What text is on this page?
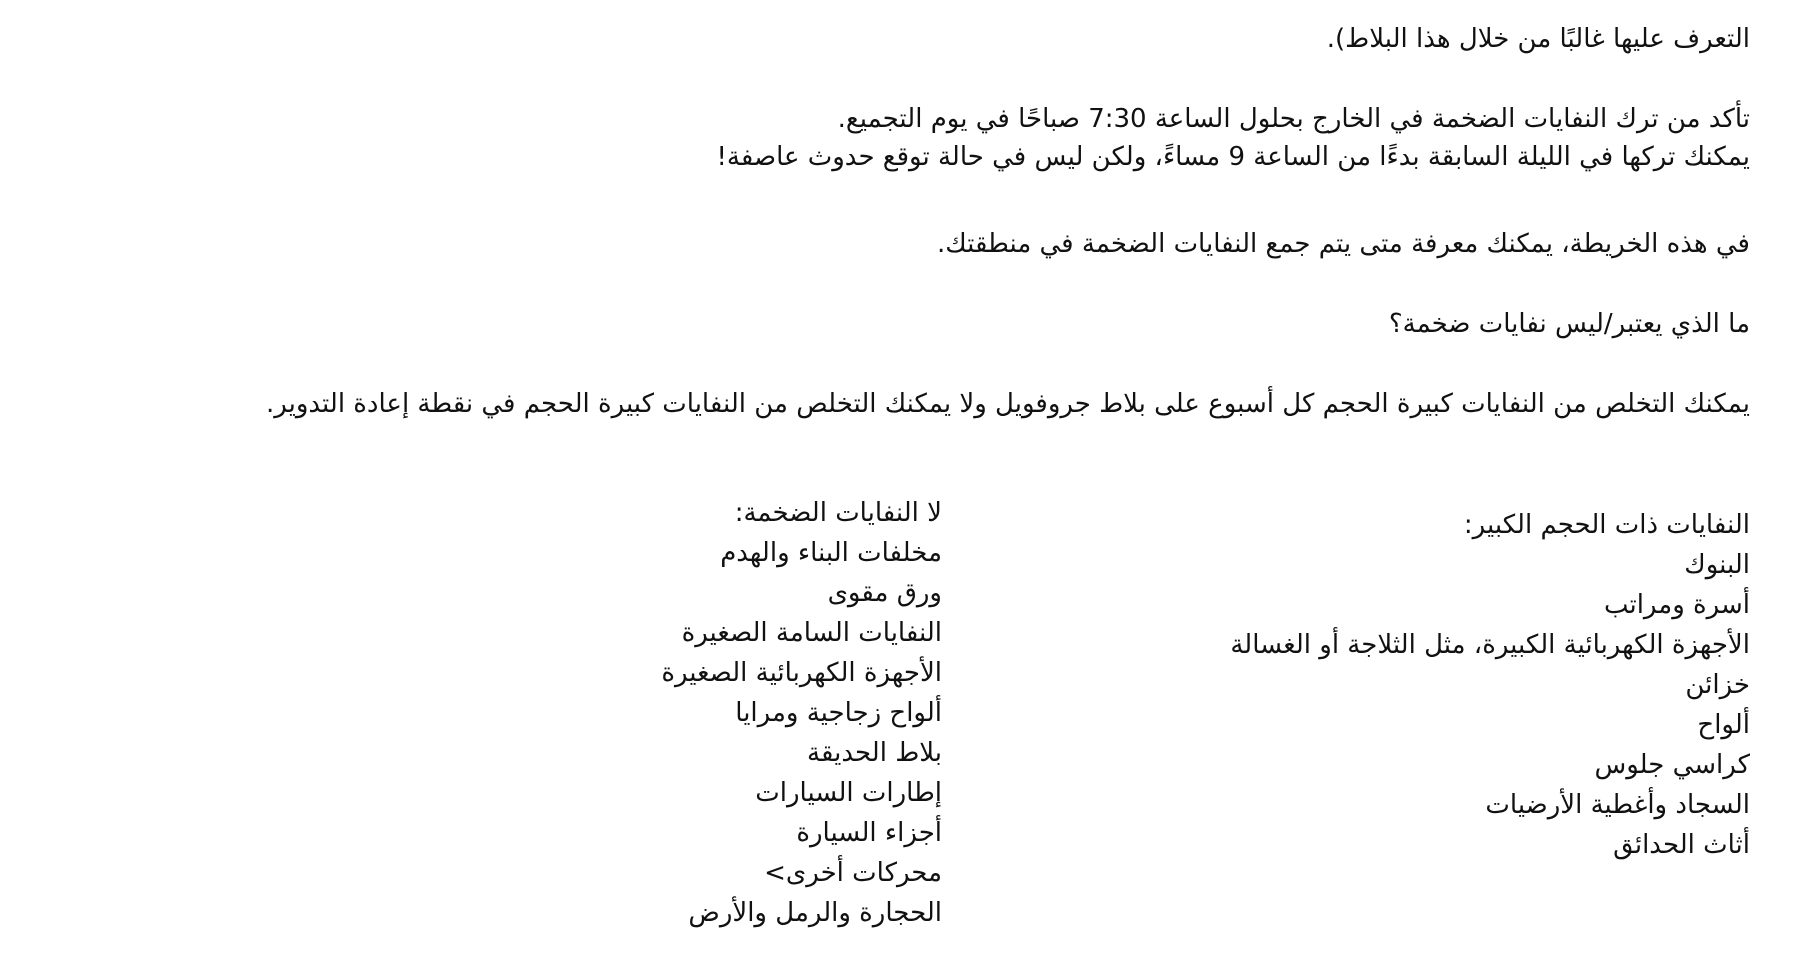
التعرف عليها غالبًا من خلال هذا البلاط).

تأكد من ترك النفايات الضخمة في الخارج بحلول الساعة 7:30 صباحًا في يوم التجميع.
يمكنك تركها في الليلة السابقة بدءًا من الساعة 9 مساءً، ولكن ليس في حالة توقع حدوث عاصفة!

في هذه الخريطة، يمكنك معرفة متى يتم جمع النفايات الضخمة في منطقتك.

ما الذي يعتبر/ليس نفايات ضخمة؟

يمكنك التخلص من النفايات كبيرة الحجم كل أسبوع على بلاط جروفويل ولا يمكنك التخلص من النفايات كبيرة الحجم في نقطة إعادة التدوير.

النفايات ذات الحجم الكبير:
البنوك
أسرة ومراتب
الأجهزة الكهربائية الكبيرة، مثل الثلاجة أو الغسالة
خزائن
ألواح
كراسي جلوس
السجاد وأغطية الأرضيات
أثاث الحدائق
لا النفايات الضخمة:
مخلفات البناء والهدم
ورق مقوى
النفايات السامة الصغيرة
الأجهزة الكهربائية الصغيرة
ألواح زجاجية ومرايا
بلاط الحديقة
إطارات السيارات
أجزاء السيارة
محركات أخرى>
الحجارة والرمل والأرض
